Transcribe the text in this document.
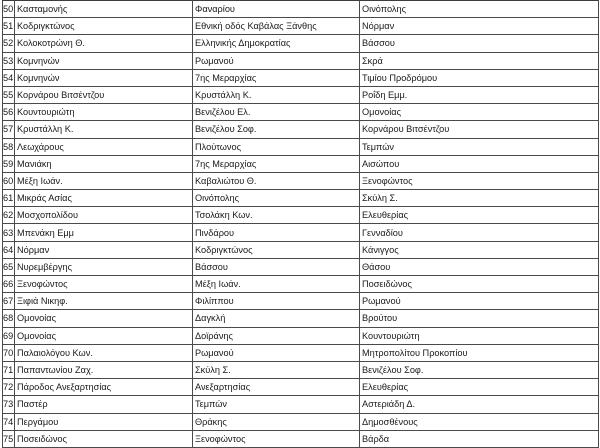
50	Κασταμονής	Φαναρίου	Οινόπολης
51	Κοδριγκτώνος	Εθνική οδός Καβάλας Ξάνθης	Νόρμαν
52	Κολοκοτρώνη Θ.	Ελληνικής Δημοκρατίας	Βάσσου
53	Κομνηνών	Ρωμανού	Σκρά
54	Κομνηνών	7ης Μεραρχίας	Τιμίου Προδρόμου
55	Κορνάρου Βιτσέντζου	Κρυστάλλη Κ.	Ροΐδη Εμμ.
56	Κουντουριώτη	Βενιζέλου Ελ.	Ομονοίας
57	Κρυστάλλη Κ.	Βενιζέλου Σοφ.	Κορνάρου Βιτσέντζου
58	Λεωχάρους	Πλούτωνος	Τεμπών
59	Μανιάκη	7ης Μεραρχίας	Αισώπου
60	Μέξη Ιωάν.	Καβαλιώτου Θ.	Ξενοφώντος
61	Μικράς Ασίας	Οινόπολης	Σκύλη Σ.
62	Μοσχοπολίδου	Τσολάκη Κων.	Ελευθερίας
63	Μπενάκη Εμμ	Πινδάρου	Γενναδίου
64	Νόρμαν	Κοδριγκτώνος	Κάνιγγος
65	Νυρεμβέργης	Βάσσου	Θάσου
66	Ξενοφώντος	Μέξη Ιωάν.	Ποσειδώνος
67	Ξιφιά Νικηφ.	Φιλίππου	Ρωμανού
68	Ομονοίας	Δαγκλή	Βρούτου
69	Ομονοίας	Δοϊράνης	Κουντουριώτη
70	Παλαιολόγου Κων.	Ρωμανού	Μητροπολίτου Προκοπίου
71	Παπαντωνίου Ζαχ.	Σκύλη Σ.	Βενιζέλου Σοφ.
72	Πάροδος Ανεξαρτησίας	Ανεξαρτησίας	Ελευθερίας
73	Παστέρ	Τεμπών	Αστεριάδη Δ.
74	Περγάμου	Θράκης	Δημοσθένους
75	Ποσειδώνος	Ξενοφώντος	Βάρδα
